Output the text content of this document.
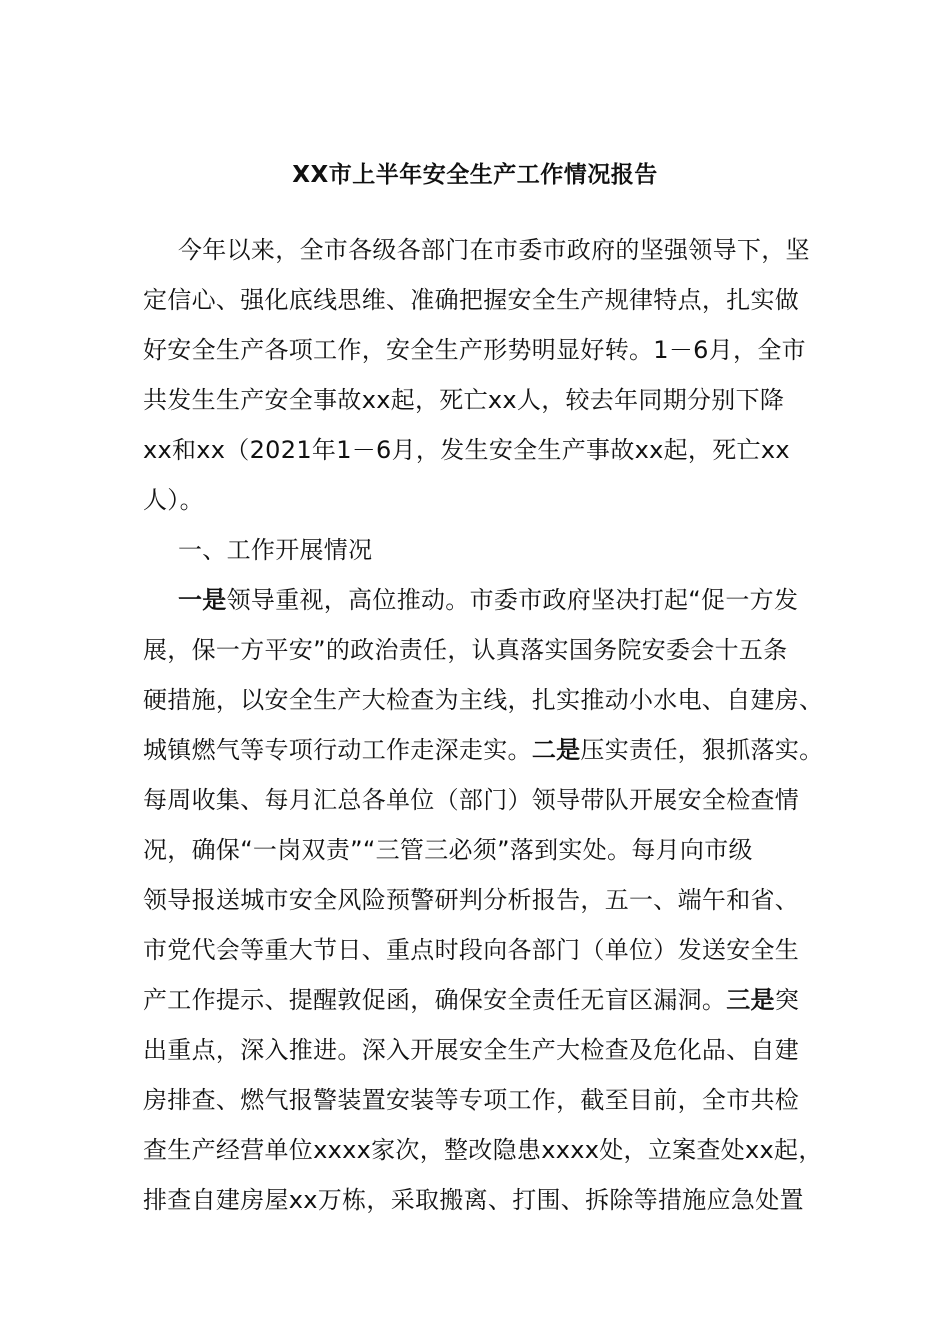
XX市上半年安全生产工作情况报告
今年以来，全市各级各部门在市委市政府的坚强领导下，坚
定信心、强化底线思维、准确把握安全生产规律特点，扎实做
好安全生产各项工作，安全生产形势明显好转。1－6月，全市
共发生生产安全事故xx起，死亡xx人，较去年同期分别下降
xx和xx（2021年1－6月，发生安全生产事故xx起，死亡xx
人）。
一、工作开展情况
一是领导重视，高位推动。市委市政府坚决打起“促一方发
展，保一方平安”的政治责任，认真落实国务院安委会十五条
硬措施，以安全生产大检查为主线，扎实推动小水电、自建房、
城镇燃气等专项行动工作走深走实。二是压实责任，狠抓落实。
每周收集、每月汇总各单位（部门）领导带队开展安全检查情
况，确保“一岗双责”“三管三必须”落到实处。每月向市级
领导报送城市安全风险预警研判分析报告，五一、端午和省、
市党代会等重大节日、重点时段向各部门（单位）发送安全生
产工作提示、提醒敦促函，确保安全责任无盲区漏洞。三是突
出重点，深入推进。深入开展安全生产大检查及危化品、自建
房排查、燃气报警装置安装等专项工作，截至目前，全市共检
查生产经营单位xxxx家次，整改隐患xxxx处，立案查处xx起，
排查自建房屋xx万栋，采取搬离、打围、拆除等措施应急处置
